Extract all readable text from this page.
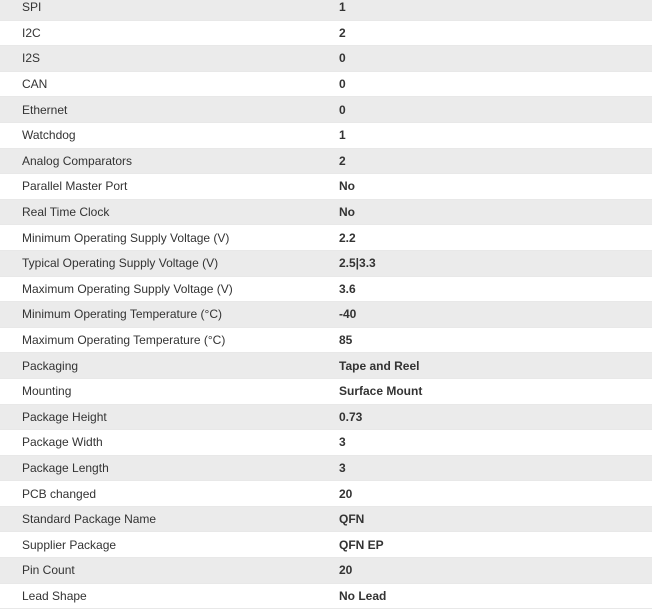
SPI	1
I2C	2
I2S	0
CAN	0
Ethernet	0
Watchdog	1
Analog Comparators	2
Parallel Master Port	No
Real Time Clock	No
Minimum Operating Supply Voltage (V)	2.2
Typical Operating Supply Voltage (V)	2.5|3.3
Maximum Operating Supply Voltage (V)	3.6
Minimum Operating Temperature (°C)	-40
Maximum Operating Temperature (°C)	85
Packaging	Tape and Reel
Mounting	Surface Mount
Package Height	0.73
Package Width	3
Package Length	3
PCB changed	20
Standard Package Name	QFN
Supplier Package	QFN EP
Pin Count	20
Lead Shape	No Lead
